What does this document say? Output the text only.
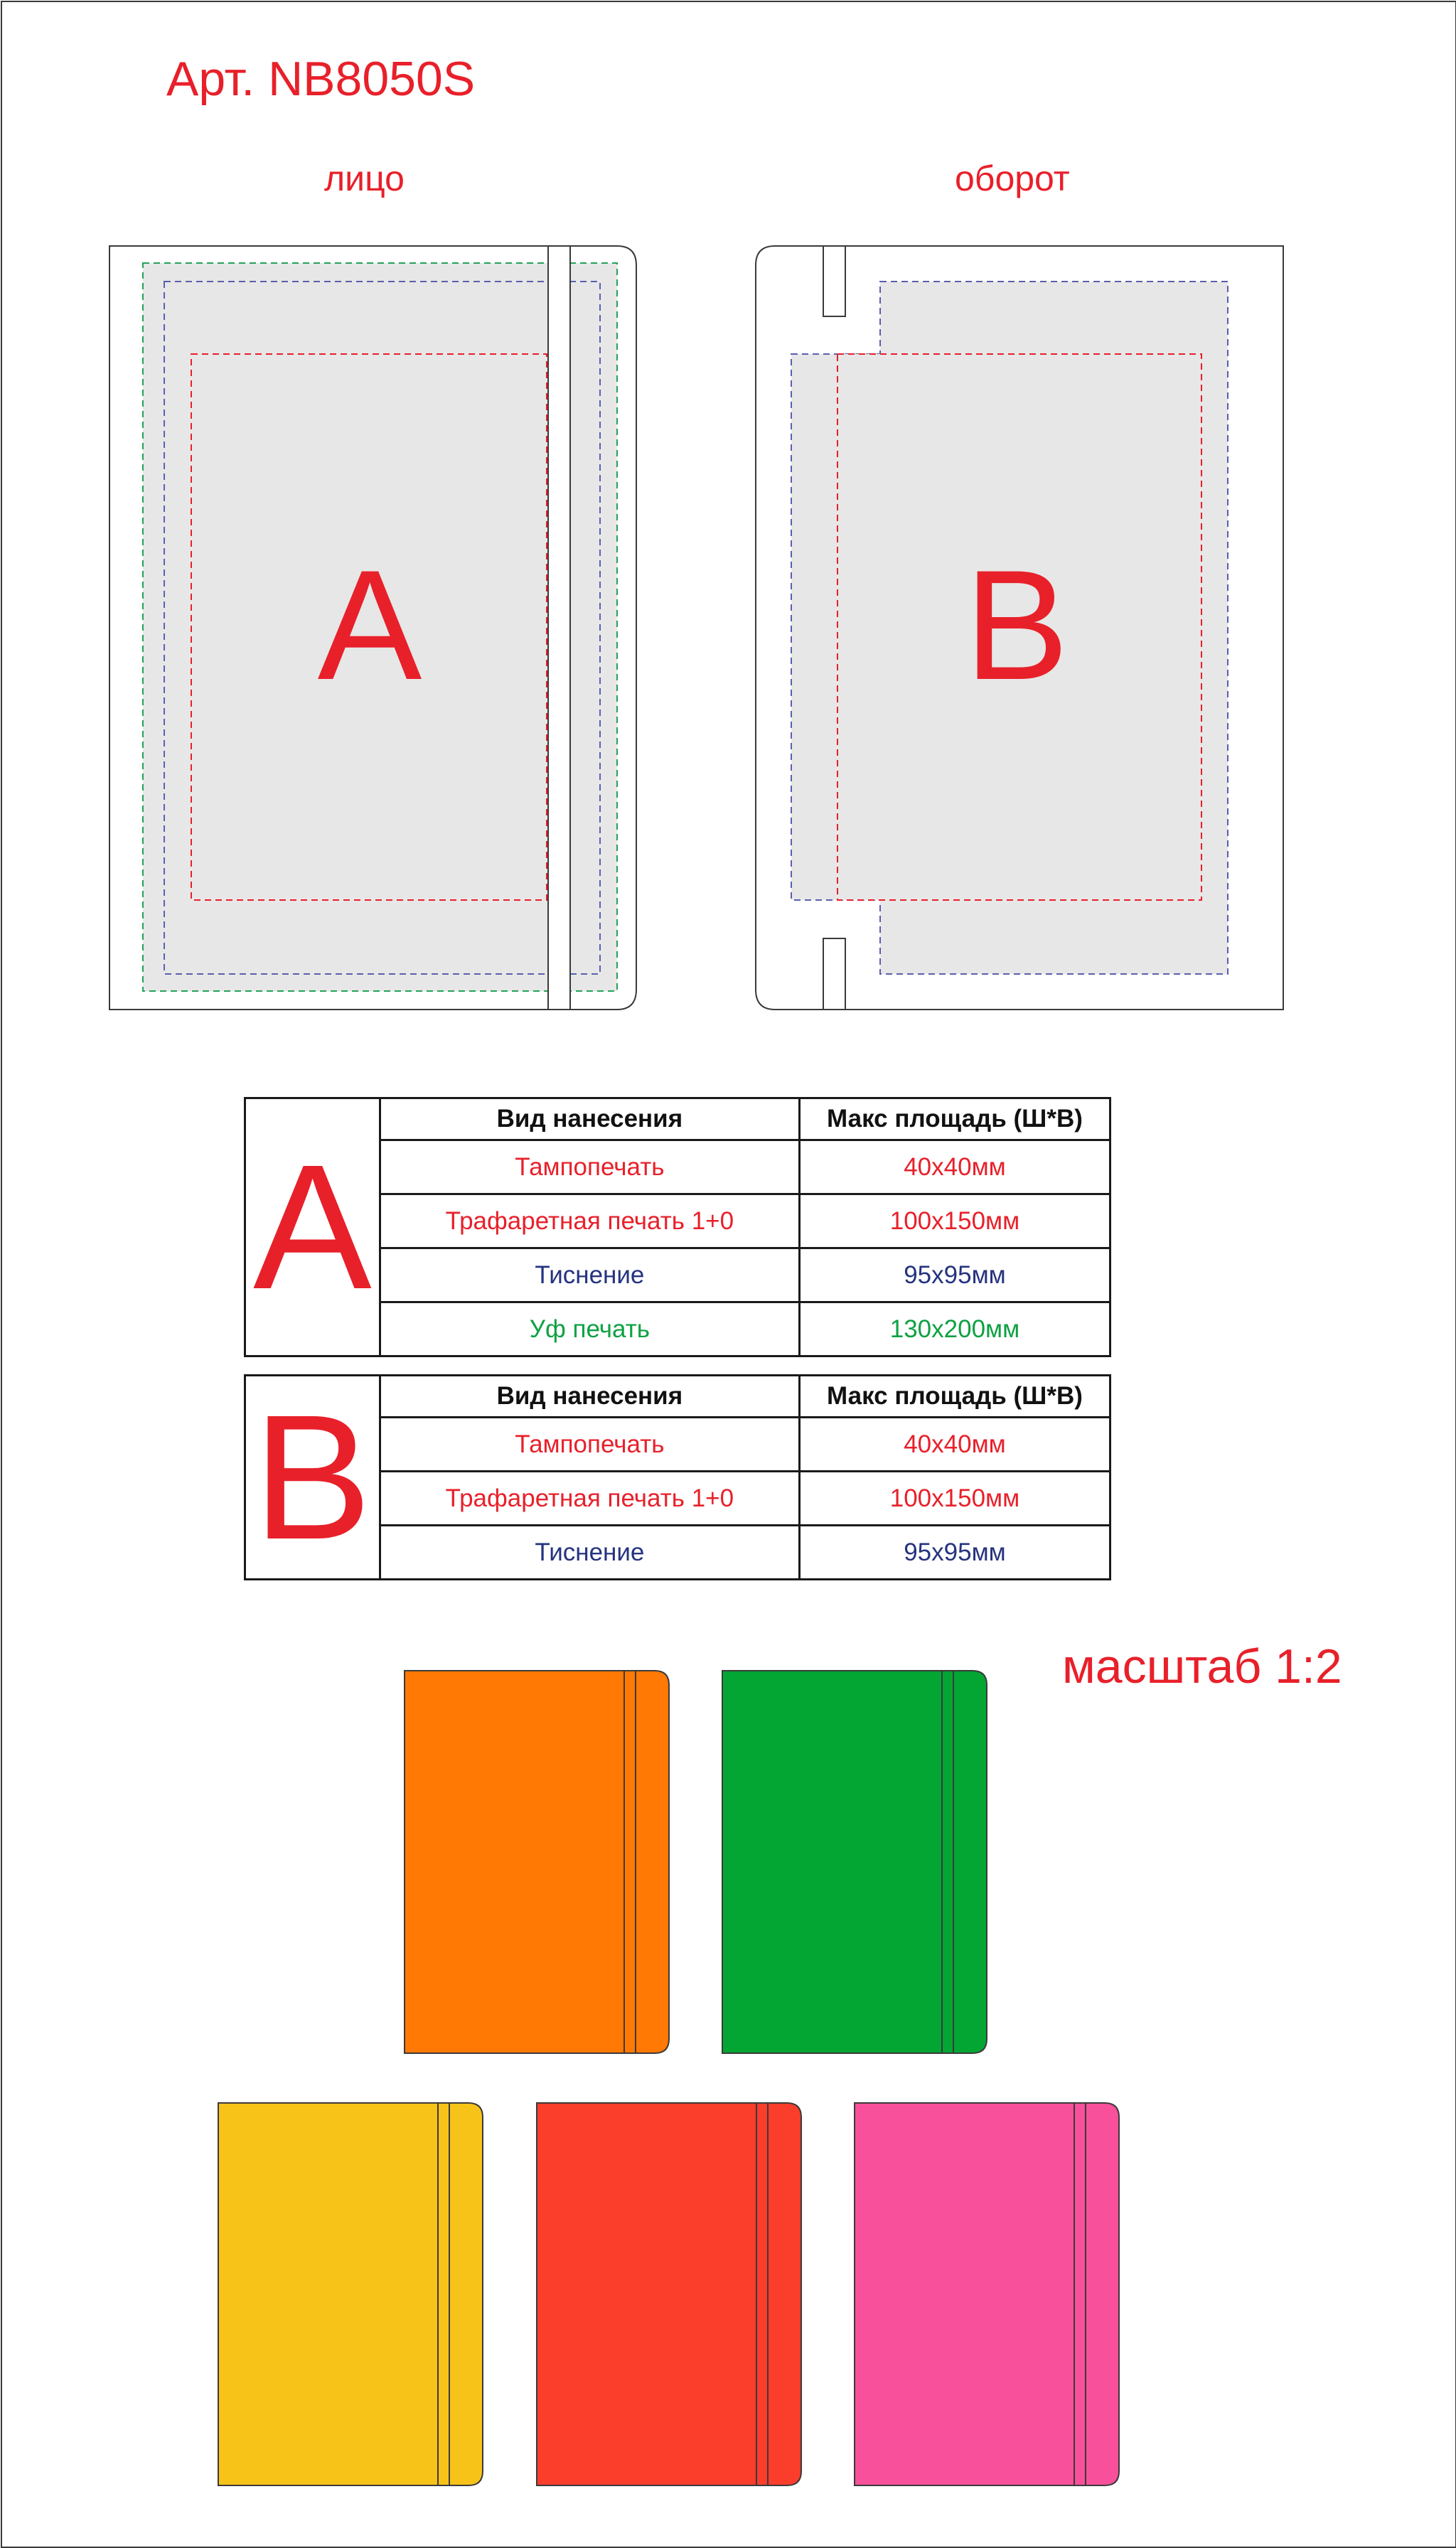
Арт. NB8050S
лицо	оборот
A	B
A	Вид нанесения	Макс площадь (Ш*В)
	Тампопечать	40x40мм
	Трафаретная печать 1+0	100x150мм
	Тиснение	95x95мм
	Уф печать	130x200мм
B	Вид нанесения	Макс площадь (Ш*В)
	Тампопечать	40x40мм
	Трафаретная печать 1+0	100x150мм
	Тиснение	95x95мм
масштаб 1:2
